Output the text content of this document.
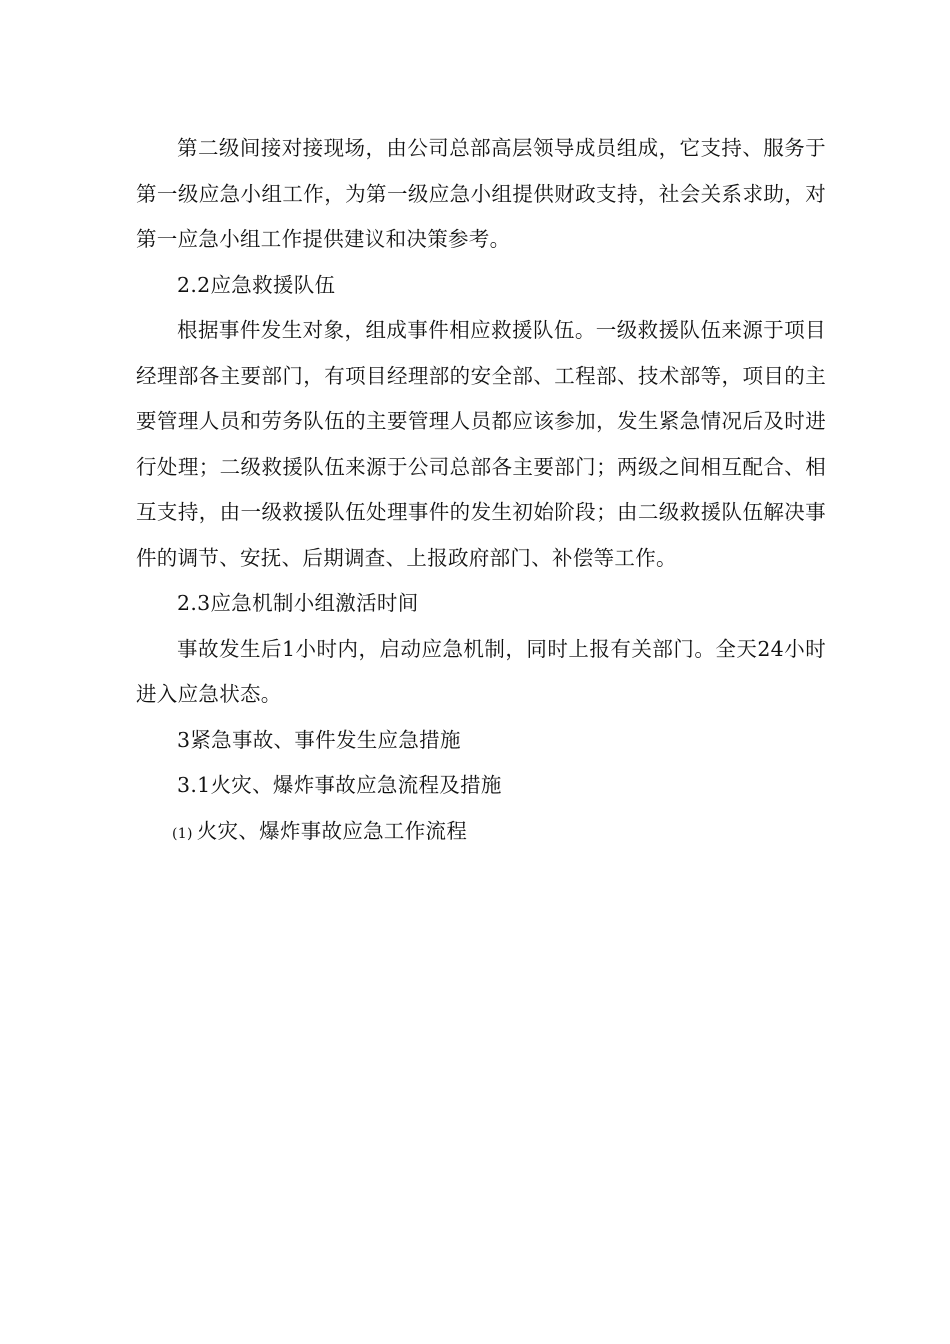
第二级间接对接现场，由公司总部高层领导成员组成，它支持、服务于第一级应急小组工作，为第一级应急小组提供财政支持，社会关系求助，对第一应急小组工作提供建议和决策参考。

2.2应急救援队伍

根据事件发生对象，组成事件相应救援队伍。一级救援队伍来源于项目经理部各主要部门，有项目经理部的安全部、工程部、技术部等，项目的主要管理人员和劳务队伍的主要管理人员都应该参加，发生紧急情况后及时进行处理；二级救援队伍来源于公司总部各主要部门；两级之间相互配合、相互支持，由一级救援队伍处理事件的发生初始阶段；由二级救援队伍解决事件的调节、安抚、后期调查、上报政府部门、补偿等工作。

2.3应急机制小组激活时间

事故发生后1小时内，启动应急机制，同时上报有关部门。全天24小时进入应急状态。

3紧急事故、事件发生应急措施

3.1火灾、爆炸事故应急流程及措施

(1) 火灾、爆炸事故应急工作流程
